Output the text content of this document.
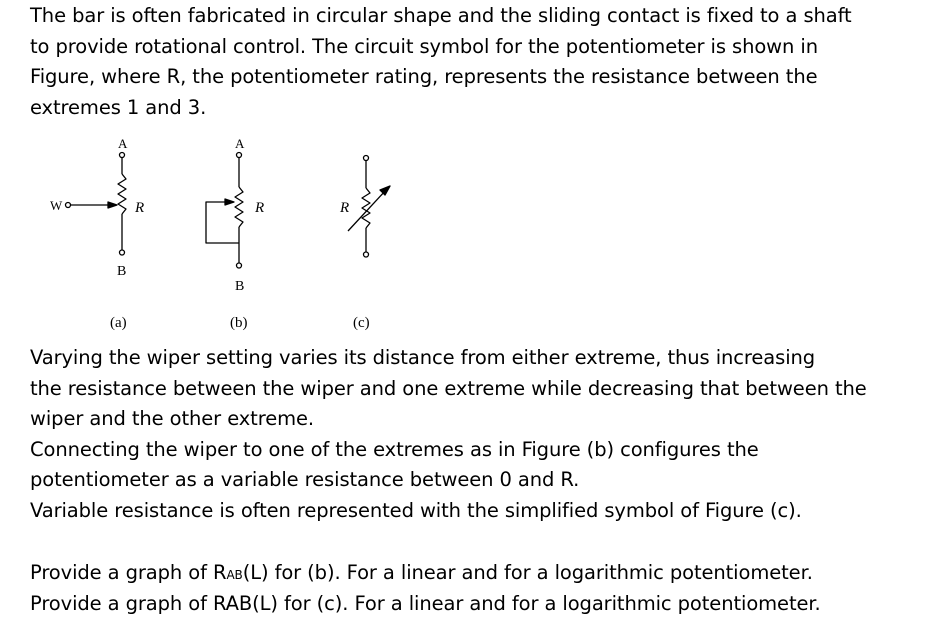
The bar is often fabricated in circular shape and the sliding contact is fixed to a shaft
to provide rotational control. The circuit symbol for the potentiometer is shown in
Figure, where R, the potentiometer rating, represents the resistance between the
extremes 1 and 3.
A
W	R
B
(a)
A
R
B
(b)
R
(c)
Varying the wiper setting varies its distance from either extreme, thus increasing
the resistance between the wiper and one extreme while decreasing that between the
wiper and the other extreme.
Connecting the wiper to one of the extremes as in Figure (b) configures the
potentiometer as a variable resistance between 0 and R.
Variable resistance is often represented with the simplified symbol of Figure (c).
Provide a graph of RAB(L) for (b). For a linear and for a logarithmic potentiometer.
Provide a graph of RAB(L) for (c). For a linear and for a logarithmic potentiometer.
